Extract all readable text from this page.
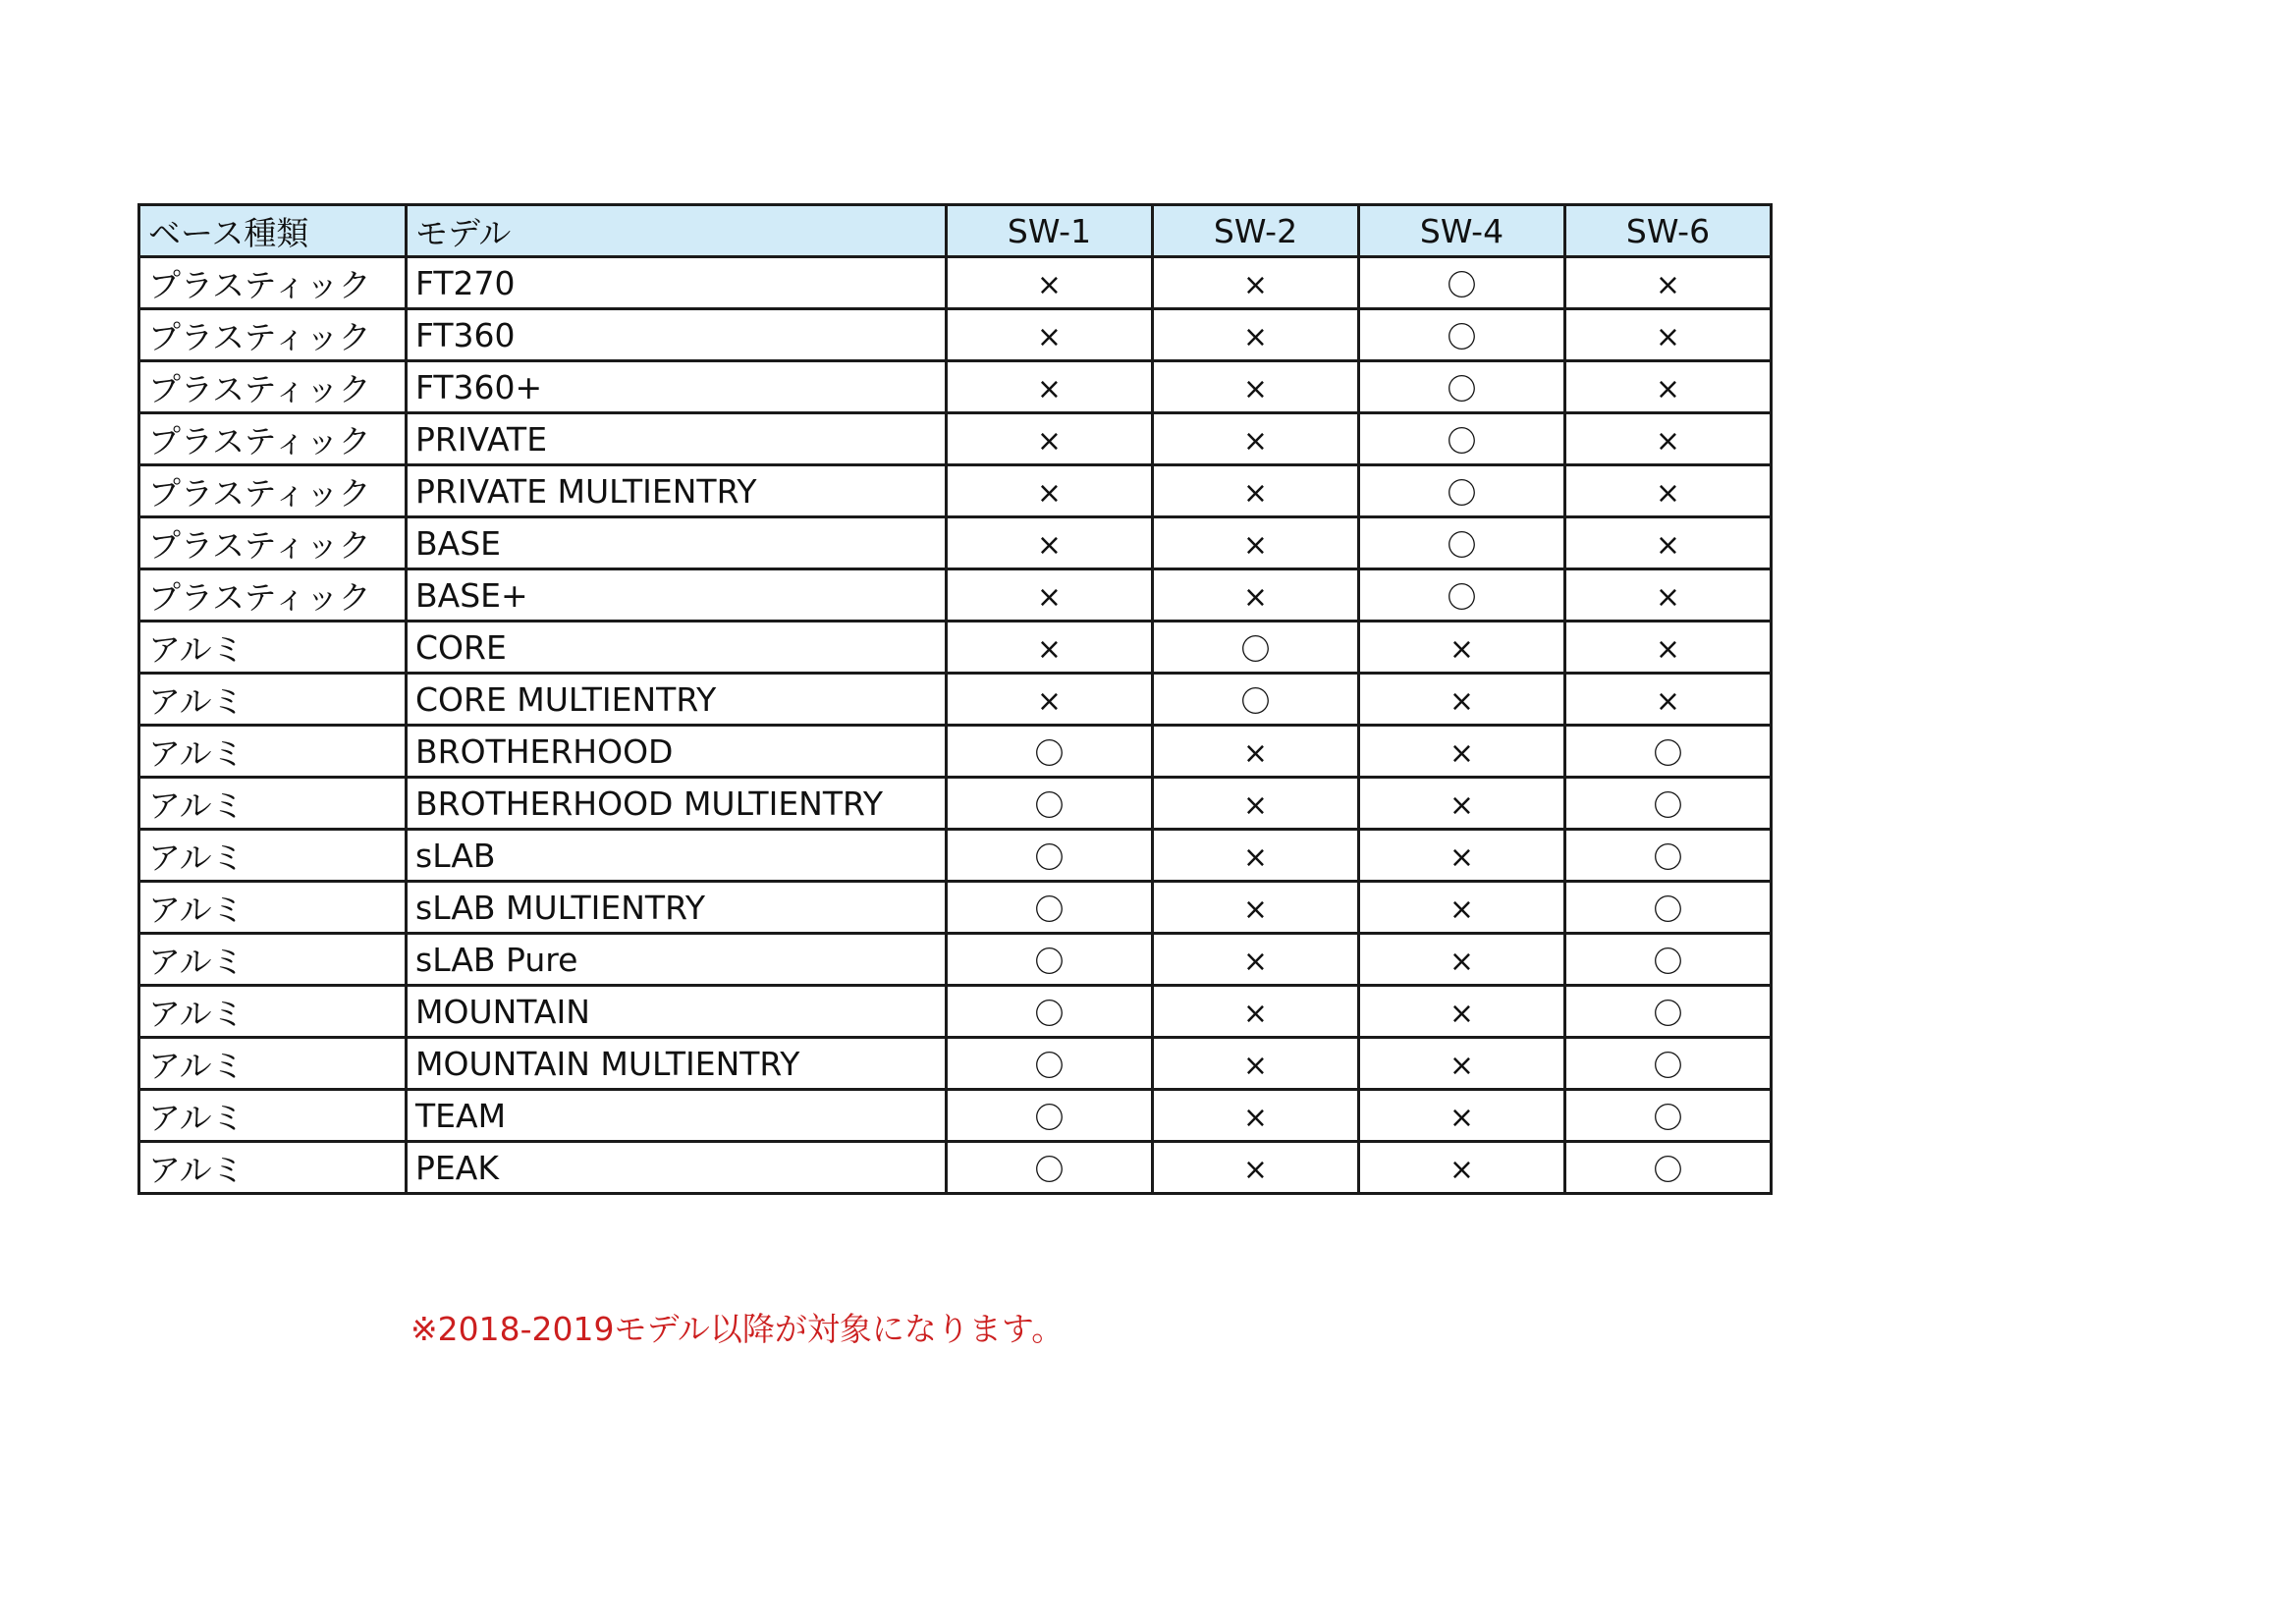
ベース種類	モデル	SW-1	SW-2	SW-4	SW-6
プラスティック	FT270	×	×	〇	×
プラスティック	FT360	×	×	〇	×
プラスティック	FT360+	×	×	〇	×
プラスティック	PRIVATE	×	×	〇	×
プラスティック	PRIVATE MULTIENTRY	×	×	〇	×
プラスティック	BASE	×	×	〇	×
プラスティック	BASE+	×	×	〇	×
アルミ	CORE	×	〇	×	×
アルミ	CORE MULTIENTRY	×	〇	×	×
アルミ	BROTHERHOOD	〇	×	×	〇
アルミ	BROTHERHOOD MULTIENTRY	〇	×	×	〇
アルミ	sLAB	〇	×	×	〇
アルミ	sLAB MULTIENTRY	〇	×	×	〇
アルミ	sLAB Pure	〇	×	×	〇
アルミ	MOUNTAIN	〇	×	×	〇
アルミ	MOUNTAIN MULTIENTRY	〇	×	×	〇
アルミ	TEAM	〇	×	×	〇
アルミ	PEAK	〇	×	×	〇
※2018-2019モデル以降が対象になります。
